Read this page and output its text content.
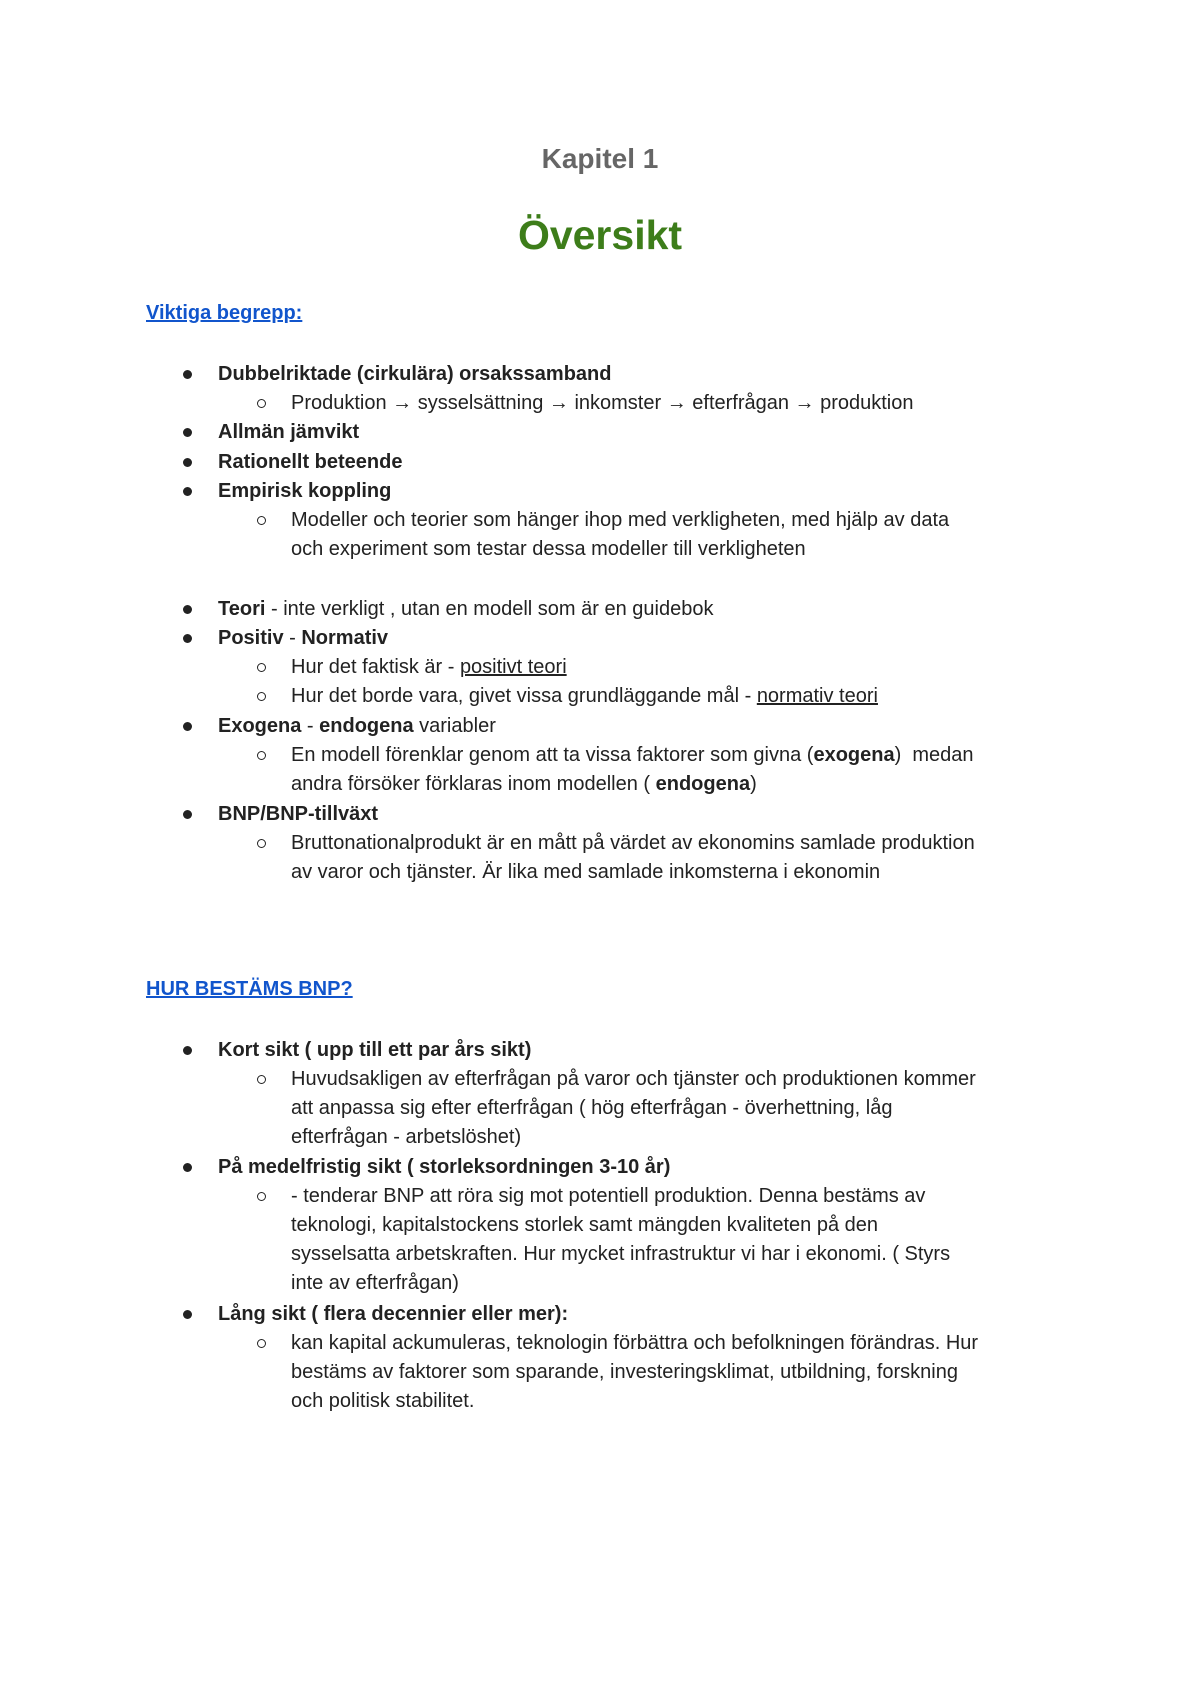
Kapitel 1
Översikt
Viktiga begrepp:
Dubbelriktade (cirkulära) orsakssamband
Produktion → sysselsättning → inkomster → efterfrågan → produktion
Allmän jämvikt
Rationellt beteende
Empirisk koppling
Modeller och teorier som hänger ihop med verkligheten, med hjälp av data
och experiment som testar dessa modeller till verkligheten
Teori - inte verkligt , utan en modell som är en guidebok
Positiv - Normativ
Hur det faktisk är - positivt teori
Hur det borde vara, givet vissa grundläggande mål - normativ teori
Exogena - endogena variabler
En modell förenklar genom att ta vissa faktorer som givna (exogena)  medan
andra försöker förklaras inom modellen ( endogena)
BNP/BNP-tillväxt
Bruttonationalprodukt är en mått på värdet av ekonomins samlade produktion
av varor och tjänster. Är lika med samlade inkomsterna i ekonomin
HUR BESTÄMS BNP?
Kort sikt ( upp till ett par års sikt)
Huvudsakligen av efterfrågan på varor och tjänster och produktionen kommer
att anpassa sig efter efterfrågan ( hög efterfrågan - överhettning, låg
efterfrågan - arbetslöshet)
På medelfristig sikt ( storleksordningen 3-10 år)
- tenderar BNP att röra sig mot potentiell produktion. Denna bestäms av
teknologi, kapitalstockens storlek samt mängden kvaliteten på den
sysselsatta arbetskraften. Hur mycket infrastruktur vi har i ekonomi. ( Styrs
inte av efterfrågan)
Lång sikt ( flera decennier eller mer):
kan kapital ackumuleras, teknologin förbättra och befolkningen förändras. Hur
bestäms av faktorer som sparande, investeringsklimat, utbildning, forskning
och politisk stabilitet.
